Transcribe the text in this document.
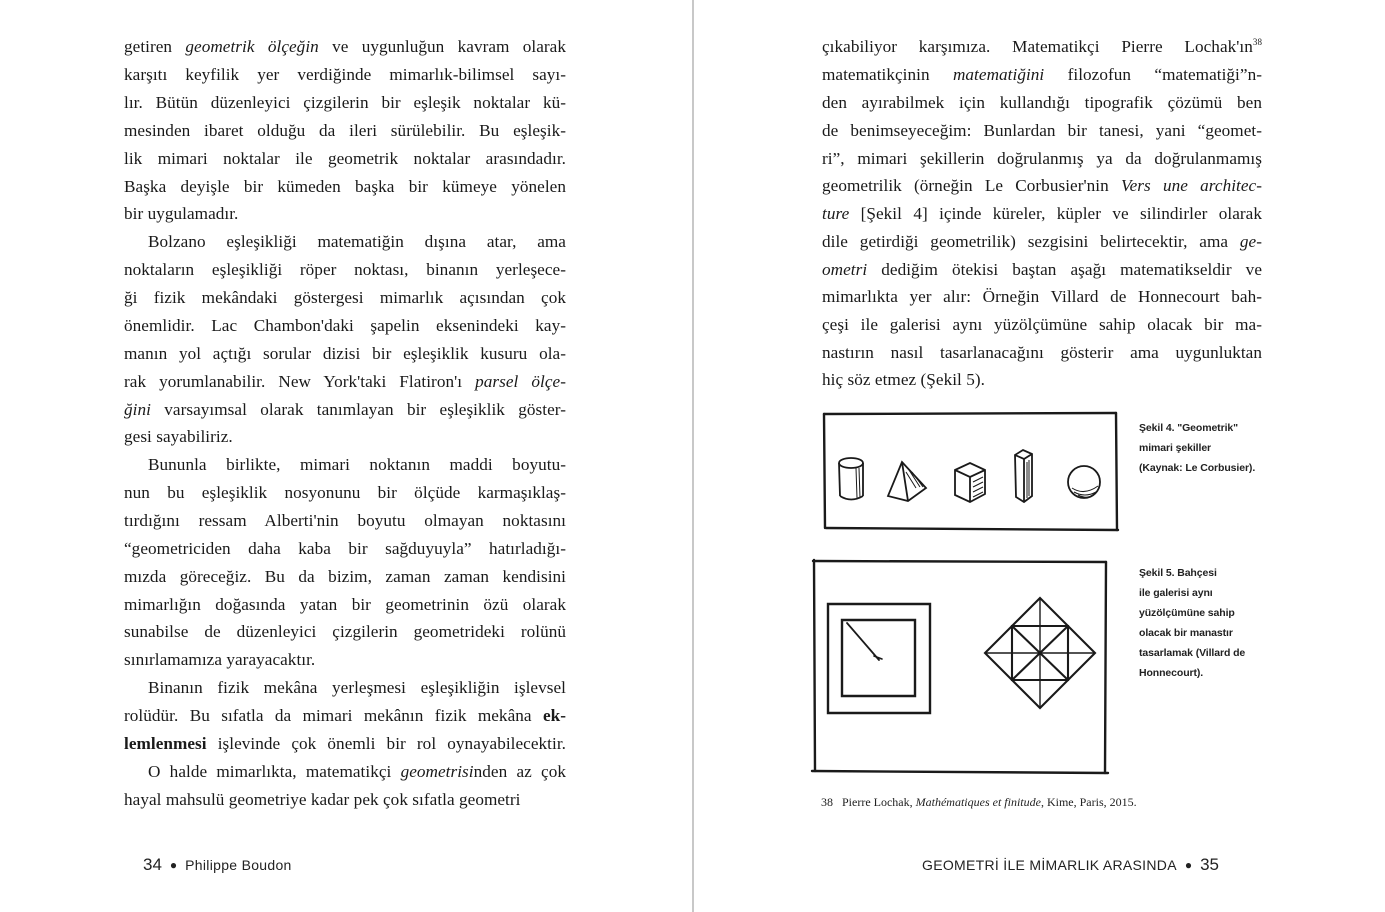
getiren geometrik ölçeğin ve uygunluğun kavram olarak
karşıtı keyfilik yer verdiğinde mimarlık-bilimsel sayı-
lır. Bütün düzenleyici çizgilerin bir eşleşik noktalar kü-
mesinden ibaret olduğu da ileri sürülebilir. Bu eşleşik-
lik mimari noktalar ile geometrik noktalar arasındadır.
Başka deyişle bir kümeden başka bir kümeye yönelen
bir uygulamadır.
Bolzano eşleşikliği matematiğin dışına atar, ama
noktaların eşleşikliği röper noktası, binanın yerleşece-
ği fizik mekândaki göstergesi mimarlık açısından çok
önemlidir. Lac Chambon'daki şapelin eksenindeki kay-
manın yol açtığı sorular dizisi bir eşleşiklik kusuru ola-
rak yorumlanabilir. New York'taki Flatiron'ı parsel ölçe-
ğini varsayımsal olarak tanımlayan bir eşleşiklik göster-
gesi sayabiliriz.
Bununla birlikte, mimari noktanın maddi boyutu-
nun bu eşleşiklik nosyonunu bir ölçüde karmaşıklaş-
tırdığını ressam Alberti'nin boyutu olmayan noktasını
“geometriciden daha kaba bir sağduyuyla” hatırladığı-
mızda göreceğiz. Bu da bizim, zaman zaman kendisini
mimarlığın doğasında yatan bir geometrinin özü olarak
sunabilse de düzenleyici çizgilerin geometrideki rolünü
sınırlamamıza yarayacaktır.
Binanın fizik mekâna yerleşmesi eşleşikliğin işlevsel
rolüdür. Bu sıfatla da mimari mekânın fizik mekâna ek-
lemlenmesi işlevinde çok önemli bir rol oynayabilecektir.
O halde mimarlıkta, matematikçi geometrisinden az çok
hayal mahsulü geometriye kadar pek çok sıfatla geometri
34 ● Philippe Boudon
çıkabiliyor karşımıza. Matematikçi Pierre $Lochak'ın^{38}$
matematikçinin matematiğini filozofun “matematiği”n-
den ayırabilmek için kullandığı tipografik çözümü ben
de benimseyeceğim: Bunlardan bir tanesi, yani “geomet-
ri”, mimari şekillerin doğrulanmış ya da doğrulanmamış
geometrilik (örneğin Le Corbusier'nin Vers une architec-
ture [Şekil 4] içinde küreler, küpler ve silindirler olarak
dile getirdiği geometrilik) sezgisini belirtecektir, ama ge-
ometri dediğim ötekisi baştan aşağı matematikseldir ve
mimarlıkta yer alır: Örneğin Villard de Honnecourt bah-
çeşi ile galerisi aynı yüzölçümüne sahip olacak bir ma-
nastırın nasıl tasarlanacağını gösterir ama uygunluktan
hiç söz etmez (Şekil 5).
Şekil 4. "Geometrik"
mimari şekiller
(Kaynak: Le Corbusier).
Şekil 5. Bahçesi
ile galerisi aynı
yüzölçümüne sahip
olacak bir manastır
tasarlamak (Villard de
Honnecourt).
38 Pierre Lochak, Mathématiques et finitude, Kime, Paris, 2015.
GEOMETRİ İLE MİMARLIK ARASINDA ● 35
